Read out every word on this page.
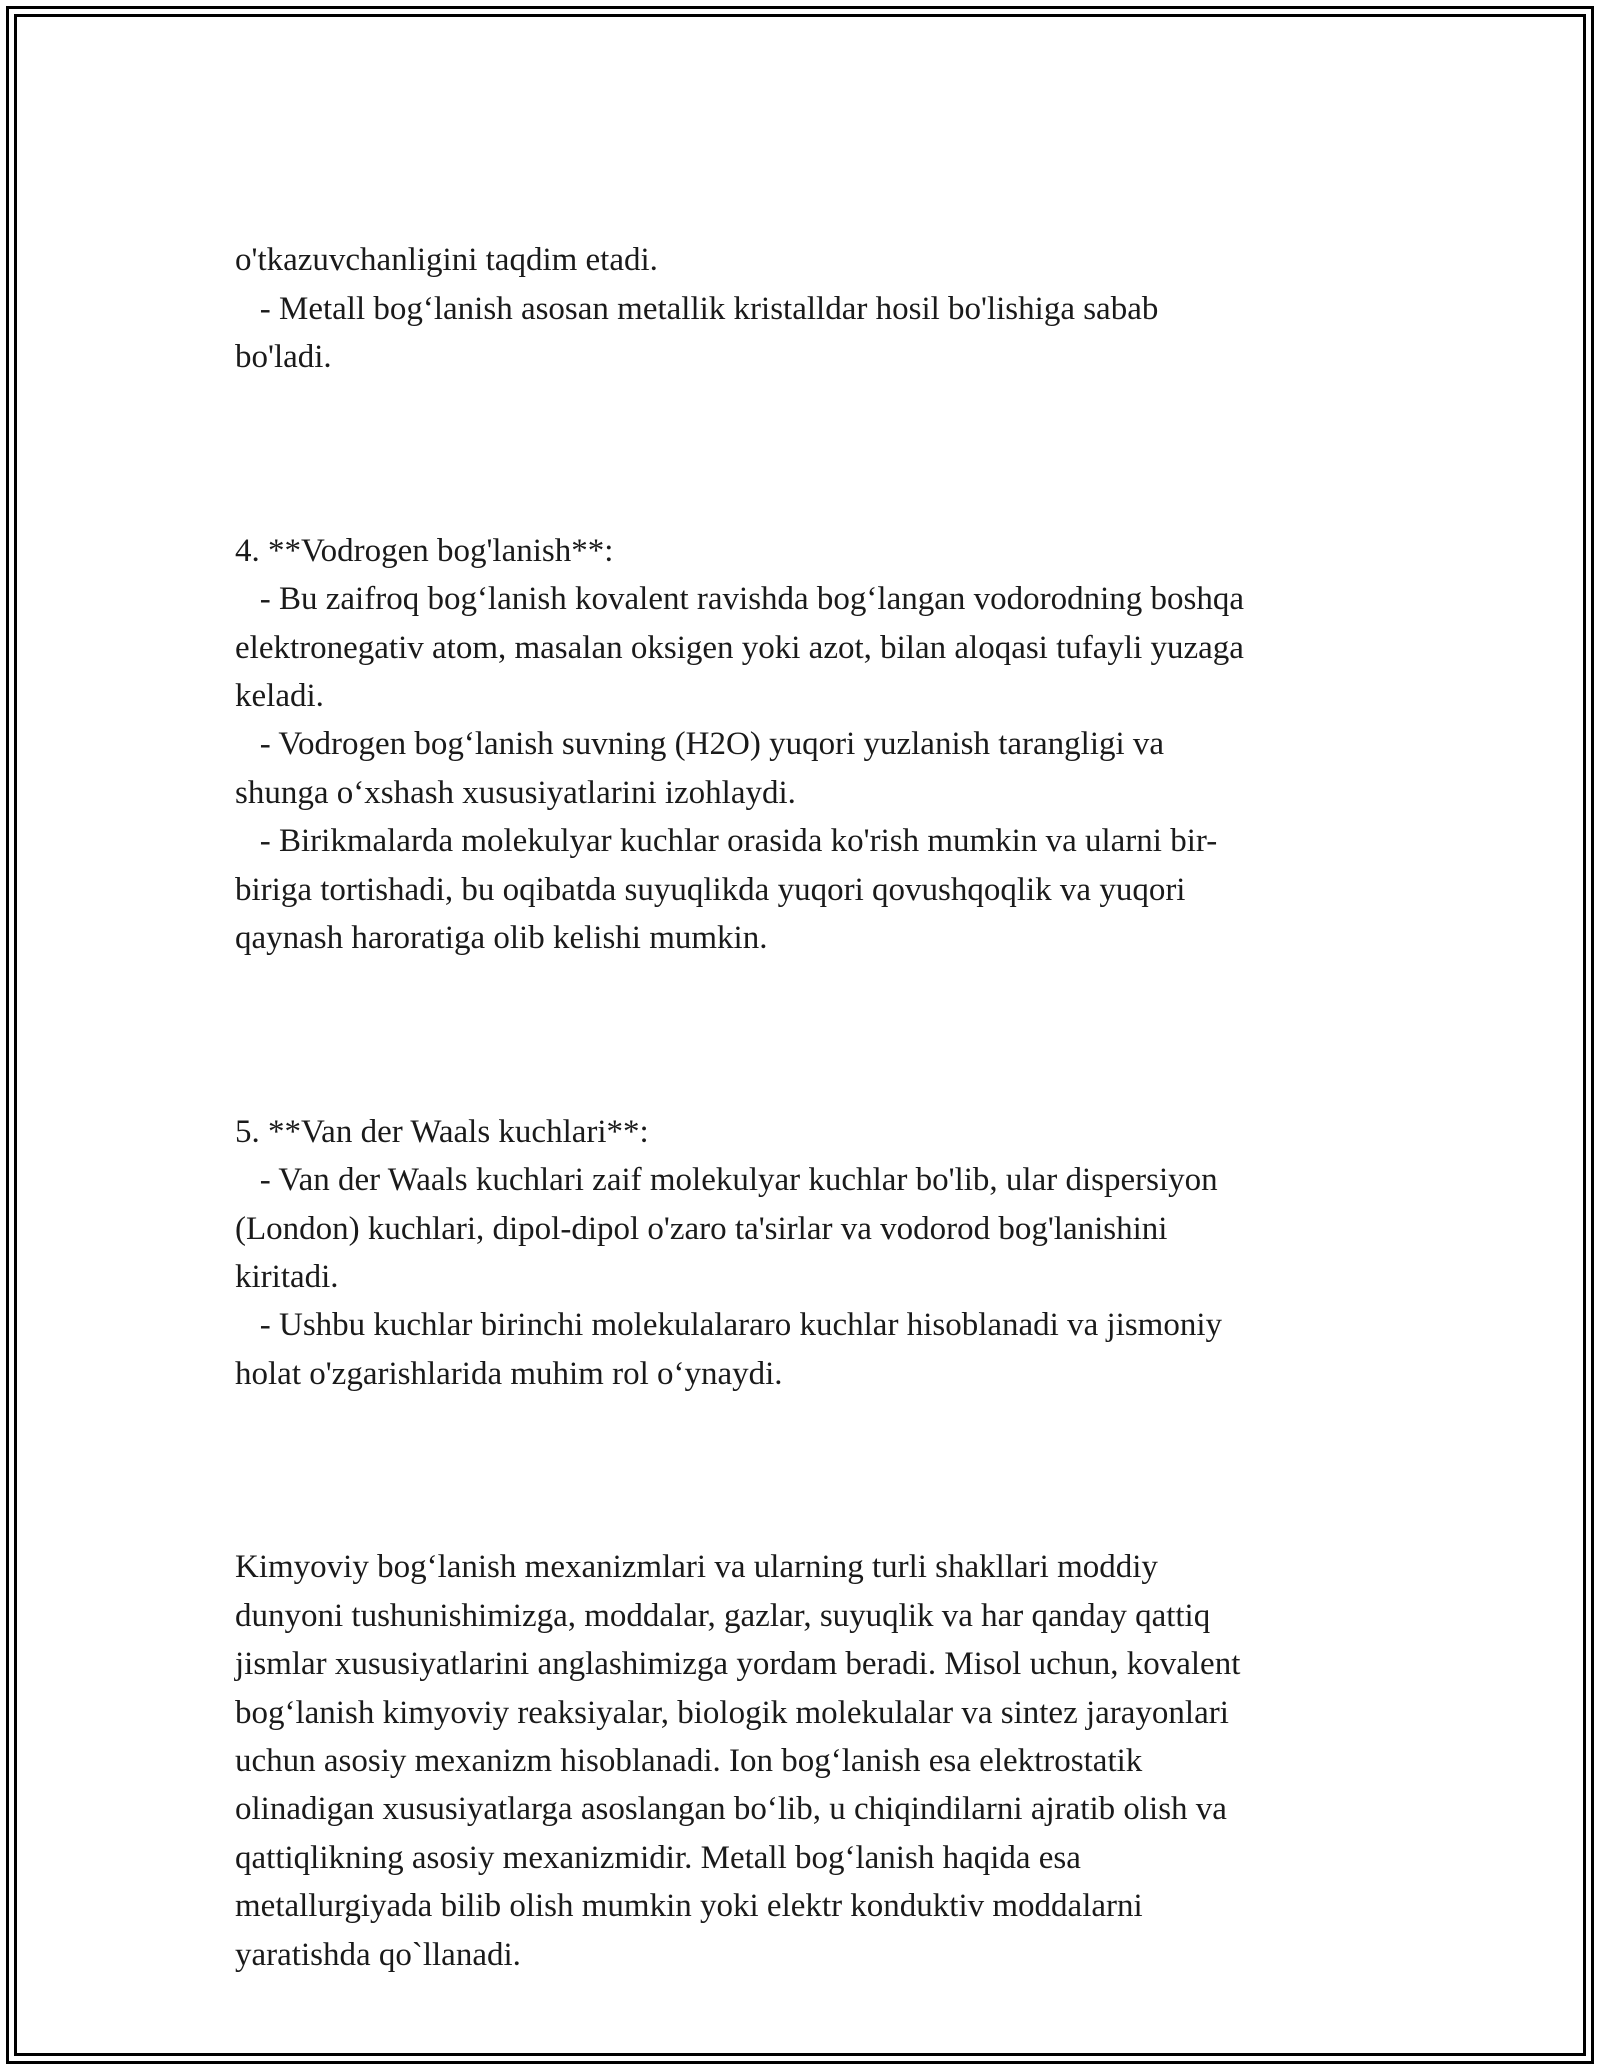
o'tkazuvchanligini taqdim etadi.
- Metall bog‘lanish asosan metallik kristalldar hosil bo'lishiga sabab
bo'ladi.

4. **Vodrogen bog'lanish**:
- Bu zaifroq bog‘lanish kovalent ravishda bog‘langan vodorodning boshqa
elektronegativ atom, masalan oksigen yoki azot, bilan aloqasi tufayli yuzaga
keladi.
- Vodrogen bog‘lanish suvning (H2O) yuqori yuzlanish tarangligi va
shunga o‘xshash xususiyatlarini izohlaydi.
- Birikmalarda molekulyar kuchlar orasida ko'rish mumkin va ularni bir-
biriga tortishadi, bu oqibatda suyuqlikda yuqori qovushqoqlik va yuqori
qaynash haroratiga olib kelishi mumkin.

5. **Van der Waals kuchlari**:
- Van der Waals kuchlari zaif molekulyar kuchlar bo'lib, ular dispersiyon
(London) kuchlari, dipol-dipol o'zaro ta'sirlar va vodorod bog'lanishini
kiritadi.
- Ushbu kuchlar birinchi molekulalararo kuchlar hisoblanadi va jismoniy
holat o'zgarishlarida muhim rol o‘ynaydi.

Kimyoviy bog‘lanish mexanizmlari va ularning turli shakllari moddiy
dunyoni tushunishimizga, moddalar, gazlar, suyuqlik va har qanday qattiq
jismlar xususiyatlarini anglashimizga yordam beradi. Misol uchun, kovalent
bog‘lanish kimyoviy reaksiyalar, biologik molekulalar va sintez jarayonlari
uchun asosiy mexanizm hisoblanadi. Ion bog‘lanish esa elektrostatik
olinadigan xususiyatlarga asoslangan bo‘lib, u chiqindilarni ajratib olish va
qattiqlikning asosiy mexanizmidir. Metall bog‘lanish haqida esa
metallurgiyada bilib olish mumkin yoki elektr konduktiv moddalarni
yaratishda qo`llanadi.
